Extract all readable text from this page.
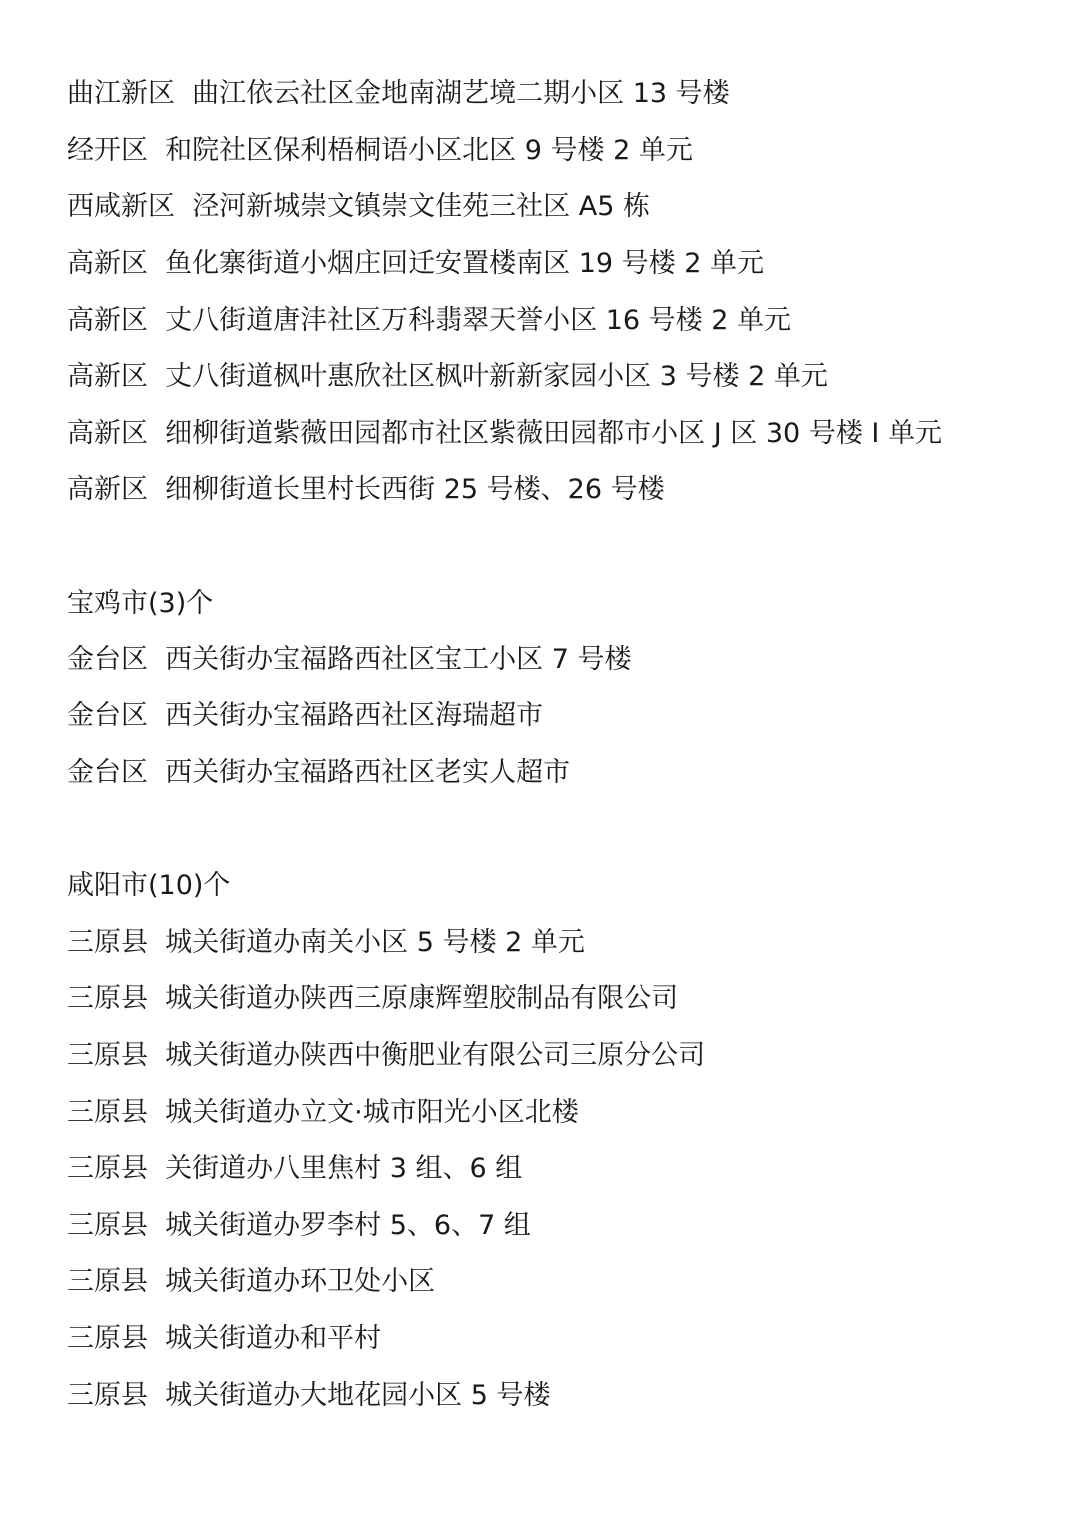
曲江新区  曲江依云社区金地南湖艺境二期小区 13 号楼
经开区  和院社区保利梧桐语小区北区 9 号楼 2 单元
西咸新区  泾河新城崇文镇崇文佳苑三社区 A5 栋
高新区  鱼化寨街道小烟庄回迁安置楼南区 19 号楼 2 单元
高新区  丈八街道唐沣社区万科翡翠天誉小区 16 号楼 2 单元
高新区  丈八街道枫叶惠欣社区枫叶新新家园小区 3 号楼 2 单元
高新区  细柳街道紫薇田园都市社区紫薇田园都市小区 J 区 30 号楼 I 单元
高新区  细柳街道长里村长西街 25 号楼、26 号楼
宝鸡市(3)个
金台区  西关街办宝福路西社区宝工小区 7 号楼
金台区  西关街办宝福路西社区海瑞超市
金台区  西关街办宝福路西社区老实人超市
咸阳市(10)个
三原县  城关街道办南关小区 5 号楼 2 单元
三原县  城关街道办陕西三原康辉塑胶制品有限公司
三原县  城关街道办陕西中衡肥业有限公司三原分公司
三原县  城关街道办立文·城市阳光小区北楼
三原县  关街道办八里焦村 3 组、6 组
三原县  城关街道办罗李村 5、6、7 组
三原县  城关街道办环卫处小区
三原县  城关街道办和平村
三原县  城关街道办大地花园小区 5 号楼
